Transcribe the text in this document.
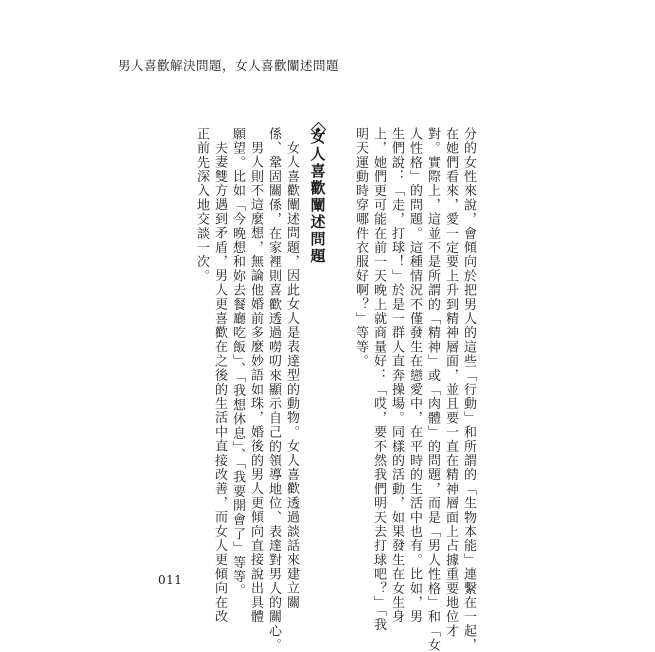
男人喜歡解決問題，女人喜歡闡述問題
分的女性來說，會傾向於把男人的這些「行動」和所謂的「生物本能」連繫在一起，
在她們看來，愛一定要上升到精神層面，並且要一直在精神層面上占據重要地位才
對。實際上，這並不是所謂的「精神」或「肉體」的問題，而是「男人性格」和「女
人性格」的問題。這種情況不僅發生在戀愛中，在平時的生活中也有。比如，男
生們說：「走，打球！」於是一群人直奔操場。同樣的活動，如果發生在女生身
上，她們更可能在前一天晚上就商量好：「哎，要不然我們明天去打球吧？」「我
明天運動時穿哪件衣服好啊？」等等。
女人喜歡闡述問題
女人喜歡闡述問題，因此女人是表達型的動物。女人喜歡透過談話來建立關
係、鞏固關係，在家裡則喜歡透過嘮叨來顯示自己的領導地位、表達對男人的關心。
男人則不這麼想，無論他婚前多麼妙語如珠，婚後的男人更傾向直接說出具體
願望。比如「今晚想和妳去餐廳吃飯」、「我想休息」、「我要開會了」等等。
夫妻雙方遇到矛盾，男人更喜歡在之後的生活中直接改善，而女人更傾向在改
正前先深入地交談一次。
011
